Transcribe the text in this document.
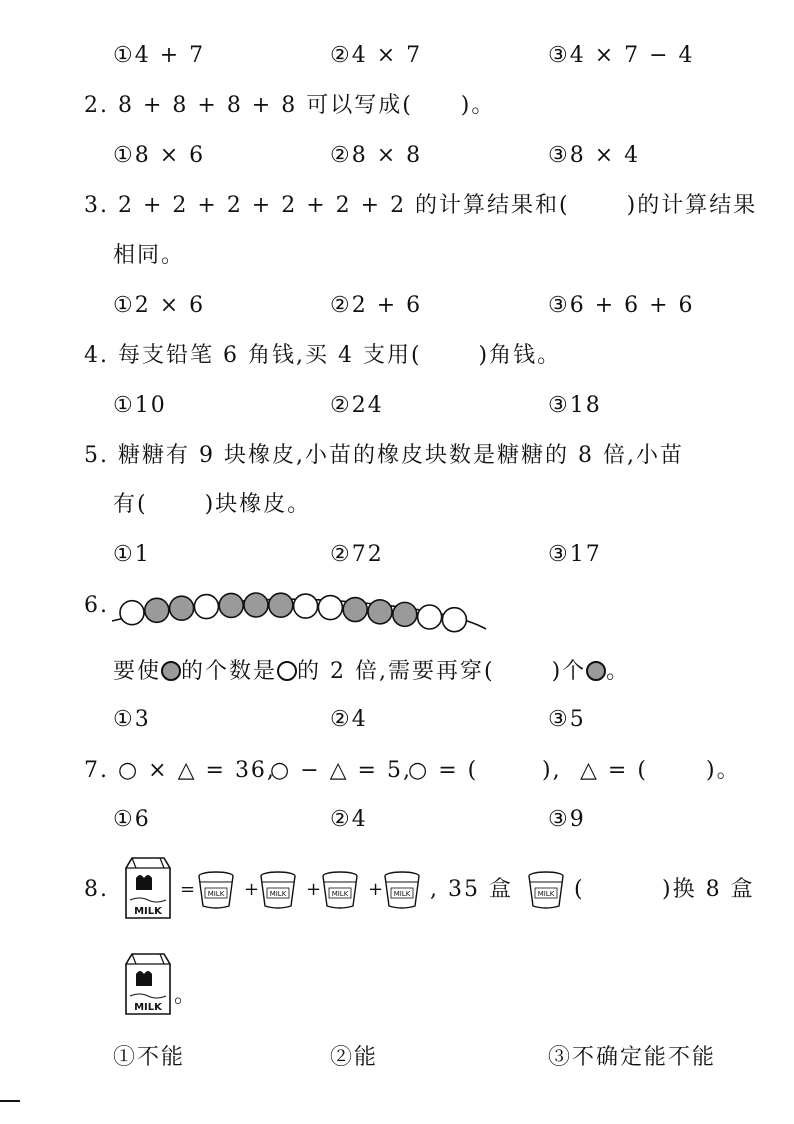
①4 + 7	②4 × 7	③4 × 7 − 4
2. 8 + 8 + 8 + 8 可以写成(　　)。
①8 × 6	②8 × 8	③8 × 4
3. 2 + 2 + 2 + 2 + 2 + 2 的计算结果和(　　 )的计算结果
相同。
①2 × 6	②2 + 6	③6 + 6 + 6
4. 每支铅笔 6 角钱,买 4 支用(　　 )角钱。
①10	②24	③18
5. 糖糖有 9 块橡皮,小苗的橡皮块数是糖糖的 8 倍,小苗
有(　　 )块橡皮。
①1	②72	③17
6.
要使 的个数是 的 2 倍,需要再穿(　　 )个 。
①3	②4	③5
7. ○ × △ = 36,
○ − △ = 5,
○ = (	), △ = (	)。
①6	②4	③9
8.	=	+ + + , 35 盒	(	)换 8 盒
MILK
MILK 。
MILK	MILK	MILK	MILK	MILK
①不能	②能	③不确定能不能
